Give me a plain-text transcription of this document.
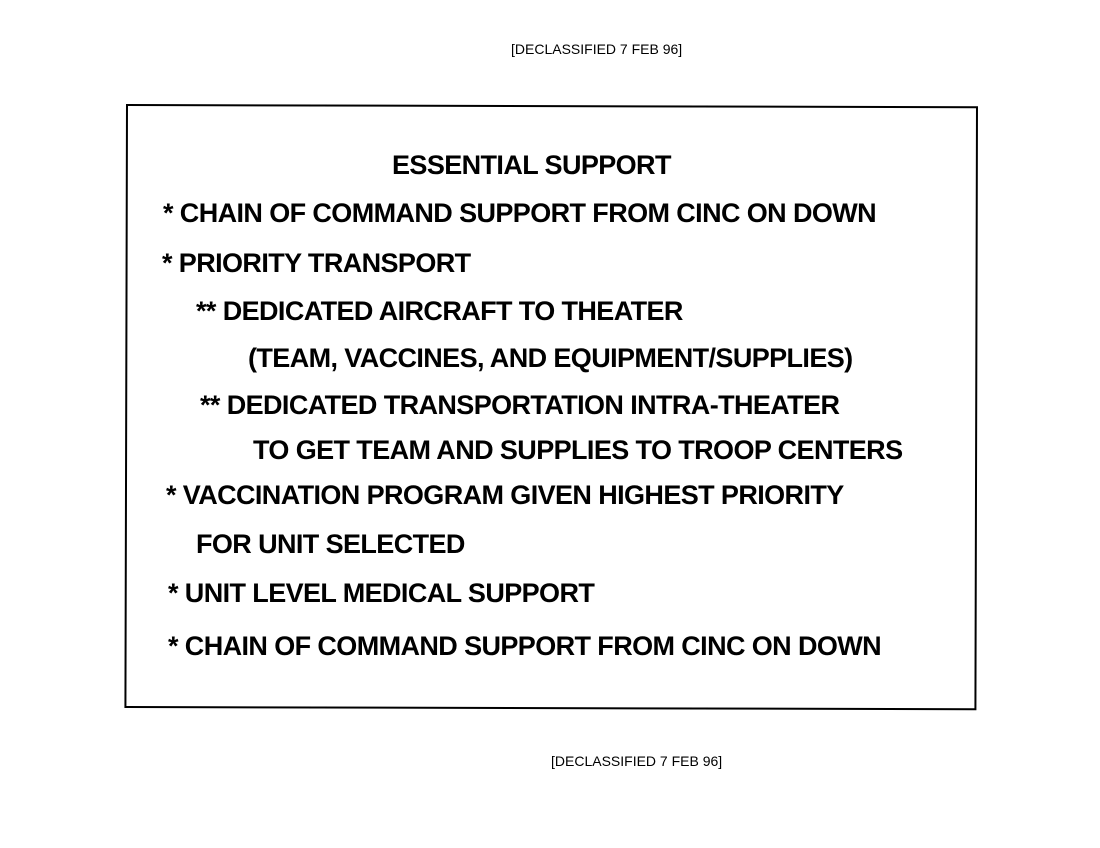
[DECLASSIFIED 7 FEB 96]
ESSENTIAL SUPPORT
* CHAIN OF COMMAND SUPPORT FROM CINC ON DOWN
* PRIORITY TRANSPORT
** DEDICATED AIRCRAFT TO THEATER
(TEAM, VACCINES, AND EQUIPMENT/SUPPLIES)
** DEDICATED TRANSPORTATION INTRA-THEATER
TO GET TEAM AND SUPPLIES TO TROOP CENTERS
* VACCINATION PROGRAM GIVEN HIGHEST PRIORITY
FOR UNIT SELECTED
* UNIT LEVEL MEDICAL SUPPORT
* CHAIN OF COMMAND SUPPORT FROM CINC ON DOWN
[DECLASSIFIED 7 FEB 96]
